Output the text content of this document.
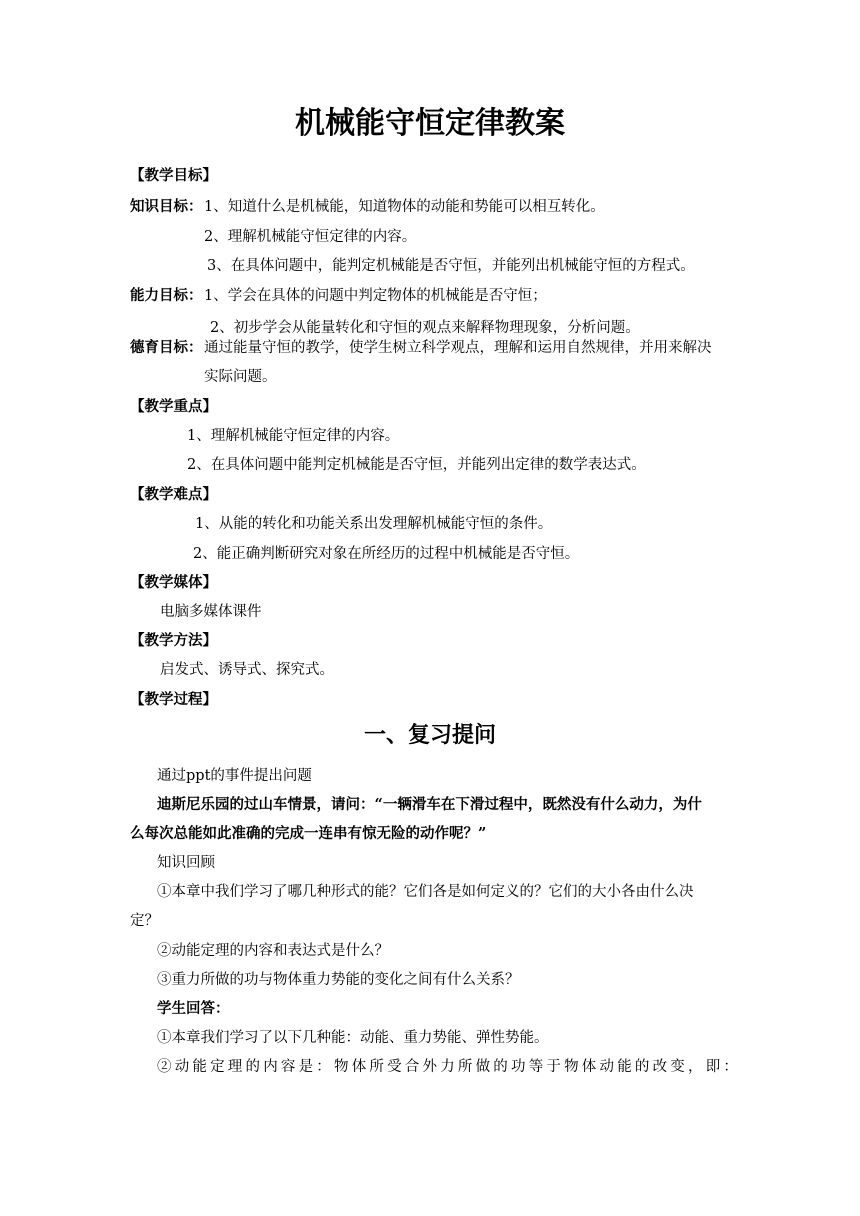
机械能守恒定律教案
【教学目标】
知识目标： 1、知道什么是机械能，知道物体的动能和势能可以相互转化。
2、理解机械能守恒定律的内容。
3、在具体问题中，能判定机械能是否守恒，并能列出机械能守恒的方程式。
能力目标： 1、学会在具体的问题中判定物体的机械能是否守恒；
2、初步学会从能量转化和守恒的观点来解释物理现象，分析问题。
德育目标： 通过能量守恒的教学，使学生树立科学观点，理解和运用自然规律，并用来解决
实际问题。
【教学重点】
1、理解机械能守恒定律的内容。
2、在具体问题中能判定机械能是否守恒，并能列出定律的数学表达式。
【教学难点】
1、从能的转化和功能关系出发理解机械能守恒的条件。
2、能正确判断研究对象在所经历的过程中机械能是否守恒。
【教学媒体】
电脑多媒体课件
【教学方法】
启发式、诱导式、探究式。
【教学过程】
一、复习提问
通过ppt的事件提出问题
迪斯尼乐园的过山车情景，请问：“一辆滑车在下滑过程中，既然没有什么动力，为什
么每次总能如此准确的完成一连串有惊无险的动作呢？”
知识回顾
①本章中我们学习了哪几种形式的能？它们各是如何定义的？它们的大小各由什么决
定？
②动能定理的内容和表达式是什么？
③重力所做的功与物体重力势能的变化之间有什么关系？
学生回答：
①本章我们学习了以下几种能：动能、重力势能、弹性势能。
②动能定理的内容是：物体所受合外力所做的功等于物体动能的改变，即：
